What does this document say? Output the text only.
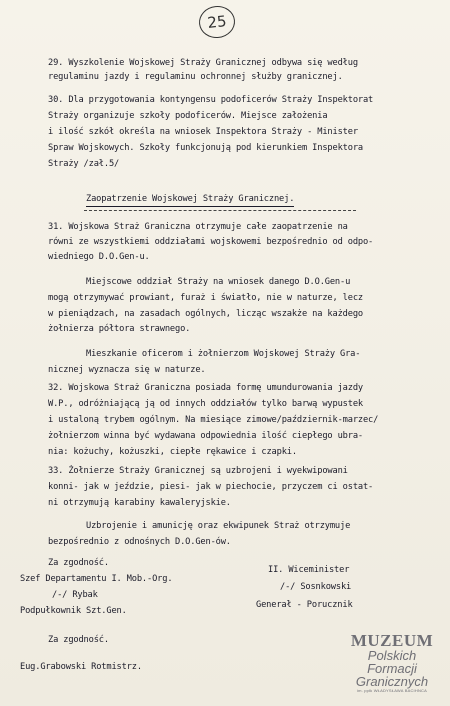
25
29. Wyszkolenie Wojskowej Straży Granicznej odbywa się według
regulaminu jazdy i regulaminu ochronnej służby granicznej.
30. Dla przygotowania kontyngensu podoficerów Straży Inspektorat
Straży organizuje szkoły podoficerów. Miejsce założenia
i ilość szkół określa na wniosek Inspektora Straży - Minister
Spraw Wojskowych. Szkoły funkcjonują pod kierunkiem Inspektora
Straży /zał.5/
Zaopatrzenie Wojskowej Straży Granicznej.
31. Wojskowa Straż Graniczna otrzymuje całe zaopatrzenie na
równi ze wszystkiemi oddziałami wojskowemi bezpośrednio od odpo-
wiedniego D.O.Gen-u.
Miejscowe oddział Straży na wniosek danego D.O.Gen-u
mogą otrzymywać prowiant, furaż i światło, nie w naturze, lecz
w pieniądzach, na zasadach ogólnych, licząc wszakże na każdego
żołnierza półtora strawnego.
Mieszkanie oficerom i żołnierzom Wojskowej Straży Gra-
nicznej wyznacza się w naturze.
32. Wojskowa Straż Graniczna posiada formę umundurowania jazdy
W.P., odróżniającą ją od innych oddziałów tylko barwą wypustek
i ustaloną trybem ogólnym. Na miesiące zimowe/październik-marzec/
żołnierzom winna być wydawana odpowiednia ilość ciepłego ubra-
nia: kożuchy, kożuszki, ciepłe rękawice i czapki.
33. Żołnierze Straży Granicznej są uzbrojeni i wyekwipowani
konni- jak w jeździe, piesi- jak w piechocie, przyczem ci ostat-
ni otrzymują karabiny kawaleryjskie.
Uzbrojenie i amunicję oraz ekwipunek Straż otrzymuje
bezpośrednio z odnośnych D.O.Gen-ów.
Za zgodność.
Szef Departamentu I. Mob.-Org.
/-/ Rybak
Podpułkownik Szt.Gen.
Za zgodność.
Eug.Grabowski Rotmistrz.
II. Wiceminister
/-/ Sosnkowski
Generał - Porucznik
MUZEUM
Polskich
Formacji
Granicznych
im. ppłk WŁADYSŁAWA BACIHNCA
